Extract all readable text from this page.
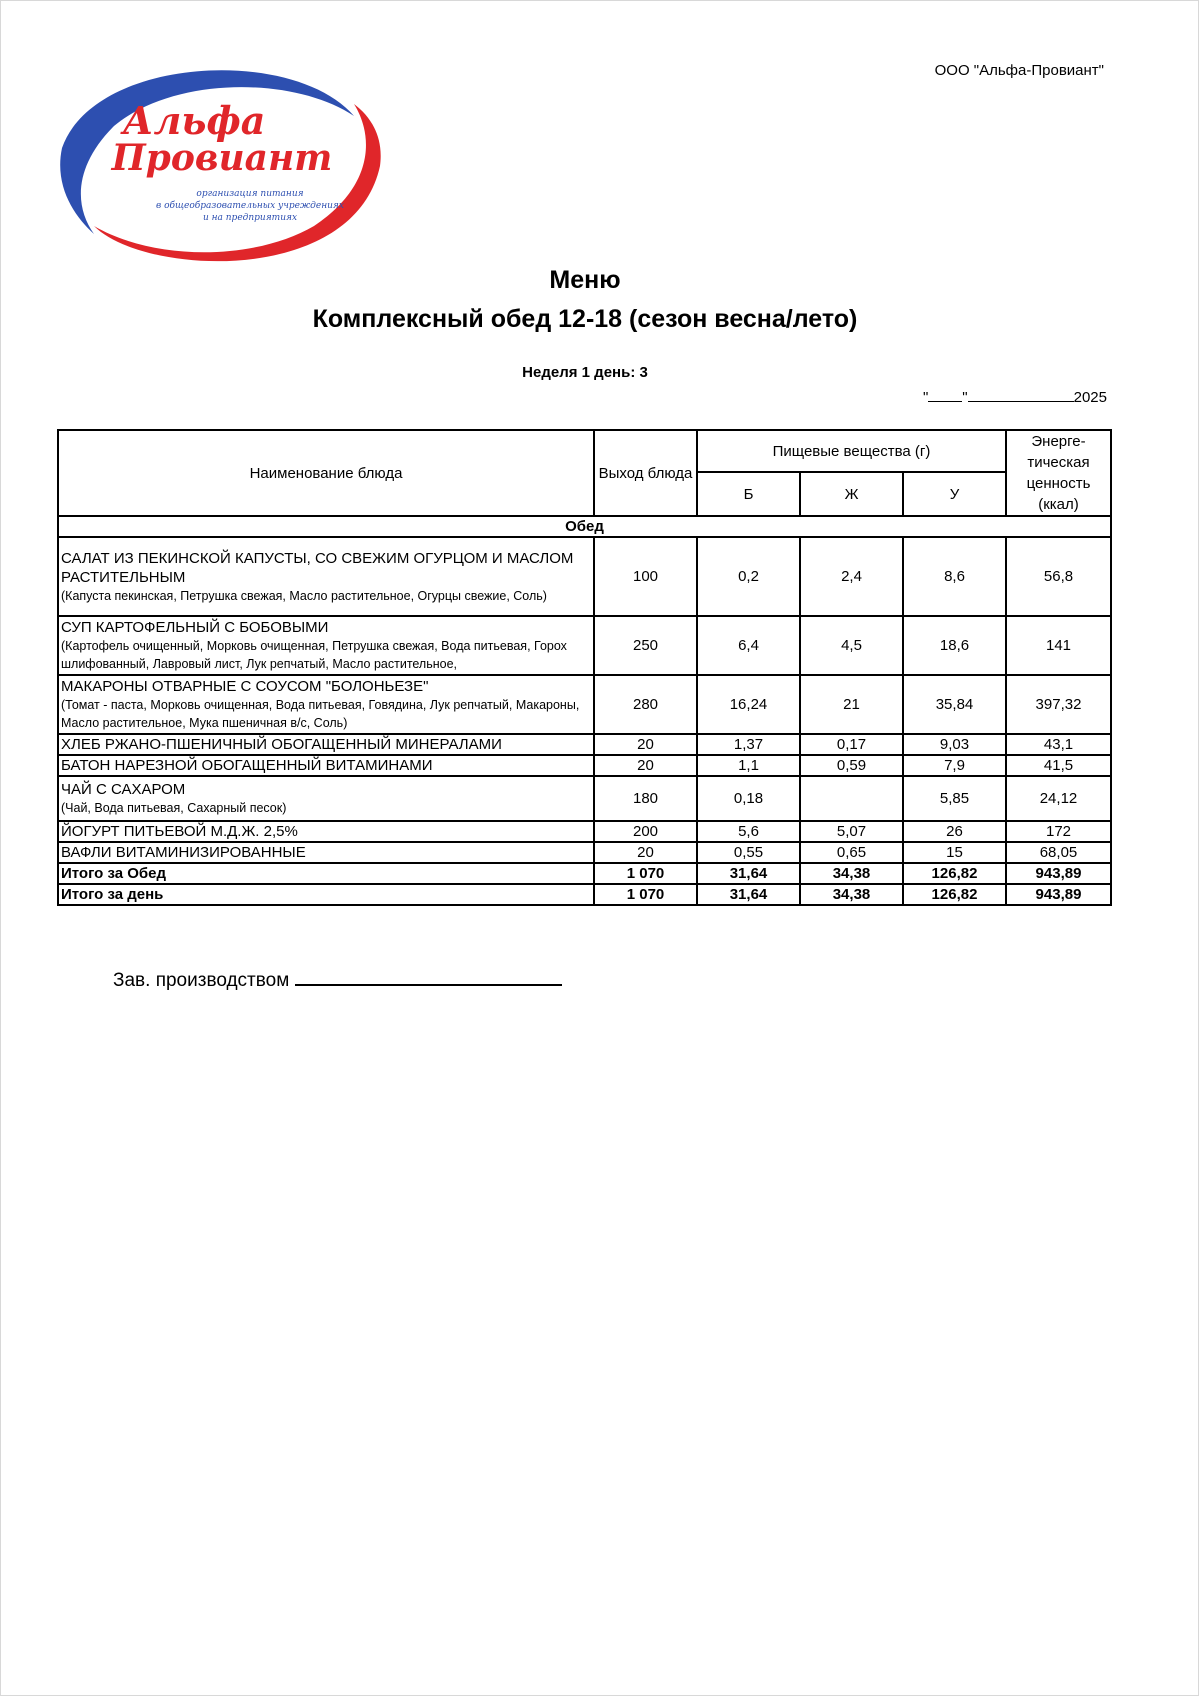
ООО "Альфа-Провиант"
Альфа
Провиант
организация питания
в общеобразовательных учреждениях
и на предприятиях
Меню
Комплексный обед 12-18 (сезон весна/лето)
Неделя 1 день: 3
" "	2025
Наименование блюда	Выход блюда	Пищевые вещества (г)			Энерге-тическая ценность (ккал)
		Б	Ж	У	
Обед					

САЛАТ ИЗ ПЕКИНСКОЙ КАПУСТЫ, СО СВЕЖИМ ОГУРЦОМ И МАСЛОМ РАСТИТЕЛЬНЫМ
(Капуста пекинская, Петрушка свежая, Масло растительное, Огурцы свежие, Соль)	100	0,2	2,4	8,6	56,8

СУП КАРТОФЕЛЬНЫЙ С БОБОВЫМИ
(Картофель очищенный, Морковь очищенная, Петрушка свежая, Вода питьевая, Горох шлифованный, Лавровый лист, Лук репчатый, Масло растительное,	250	6,4	4,5	18,6	141

МАКАРОНЫ ОТВАРНЫЕ С СОУСОМ "БОЛОНЬЕЗЕ"
(Томат - паста, Морковь очищенная, Вода питьевая, Говядина, Лук репчатый, Макароны, Масло растительное, Мука пшеничная в/с, Соль)	280	16,24	21	35,84	397,32

ХЛЕБ РЖАНО-ПШЕНИЧНЫЙ ОБОГАЩЕННЫЙ МИНЕРАЛАМИ	20	1,37	0,17	9,03	43,1

БАТОН НАРЕЗНОЙ ОБОГАЩЕННЫЙ ВИТАМИНАМИ	20	1,1	0,59	7,9	41,5

ЧАЙ С САХАРОМ
(Чай, Вода питьевая, Сахарный песок)	180	0,18		5,85	24,12

ЙОГУРТ ПИТЬЕВОЙ М.Д.Ж. 2,5%	200	5,6	5,07	26	172

ВАФЛИ ВИТАМИНИЗИРОВАННЫЕ	20	0,55	0,65	15	68,05
Итого за Обед	1 070	31,64	34,38	126,82	943,89
Итого за день	1 070	31,64	34,38	126,82	943,89
Зав. производством
